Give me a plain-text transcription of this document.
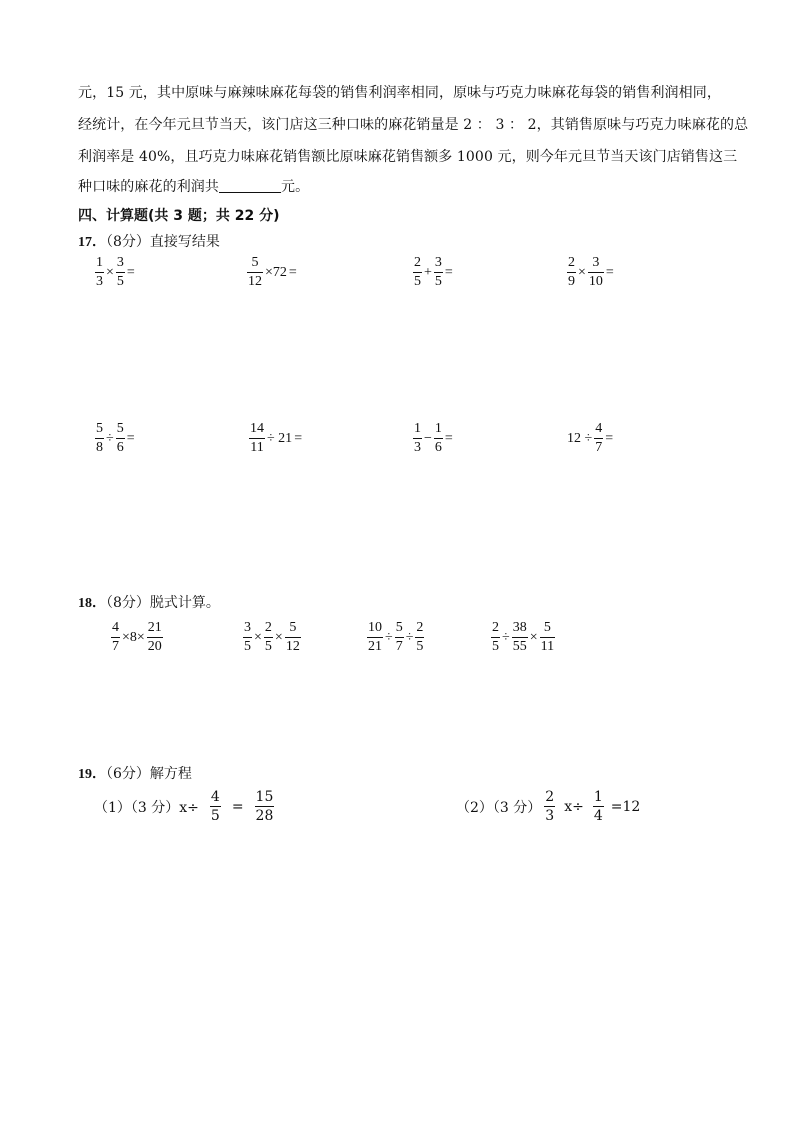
元，15 元，其中原味与麻辣味麻花每袋的销售利润率相同，原味与巧克力味麻花每袋的销售利润相同，
经统计，在今年元旦节当天，该门店这三种口味的麻花销量是 2 ： 3 ： 2，其销售原味与巧克力味麻花的总
利润率是 40%，且巧克力味麻花销售额比原味麻花销售额多 1000 元，则今年元旦节当天该门店销售这三
种口味的麻花的利润共	元。
四、计算题(共 3 题；共 22 分)
17．（8分）直接写结果
$\frac{1}{3} \times \frac{3}{5}$ =	$\frac{5}{12} \times 72$ =	$\frac{2}{5} + \frac{3}{5}$ =	$\frac{2}{9} \times \frac{3}{10}$ =
$\frac{5}{8} \div \frac{5}{6}$ =	$\frac{14}{11} \div 21$ =	$\frac{1}{3} - \frac{1}{6}$ =	$12 \div \frac{4}{7}$ =
18．（8分）脱式计算。
$\frac{4}{7} \times 8\times \frac{21}{20}$	$\frac{3}{5} \times \frac{2}{5} \times \frac{5}{12}$	$\frac{10}{21} \div \frac{5}{7} \div \frac{2}{5}$	$\frac{2}{5} \div \frac{38}{55} \times \frac{5}{11}$
19．（6分）解方程
（1）（3 分）$x\div \frac{4}{5} = \frac{15}{28}$	（2）（3 分） $\frac{2}{3} x\div \frac{1}{4} =12$
